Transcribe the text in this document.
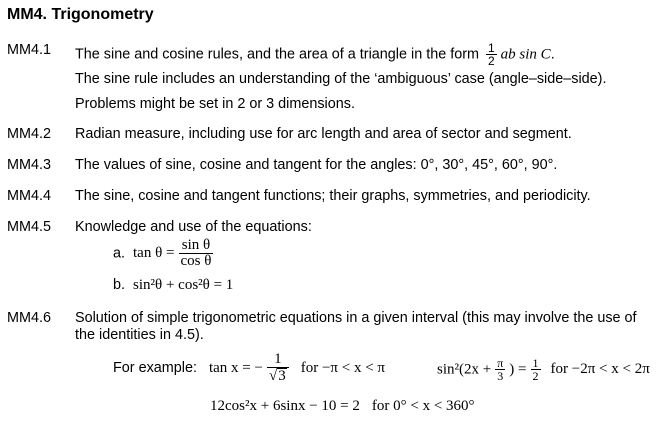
MM4. Trigonometry
MM4.1 The sine and cosine rules, and the area of a triangle in the form $\frac{1}{2}$ ab sin C.
The sine rule includes an understanding of the ‘ambiguous’ case (angle–side–side).
Problems might be set in 2 or 3 dimensions.
MM4.2 Radian measure, including use for arc length and area of sector and segment.
MM4.3 The values of sine, cosine and tangent for the angles: 0°, 30°, 45°, 60°, 90°.
MM4.4 The sine, cosine and tangent functions; their graphs, symmetries, and periodicity.
MM4.5 Knowledge and use of the equations:
a. $\tan \theta = \frac{\text{sin θ}}{\text{cos θ}}$
b. sin²θ + cos²θ = 1
MM4.6 Solution of simple trigonometric equations in a given interval (this may involve the use of the identities in 4.5).
For example: tan x = − $\frac{1}{√ 3}$ for −π < x < π	$\sin^2(2x + \frac{\pi}{3}$ ) = $\frac{1}{2}$ for −2π < x < 2π
12cos²x + 6sinx − 10 = 2 for 0° < x < 360°
